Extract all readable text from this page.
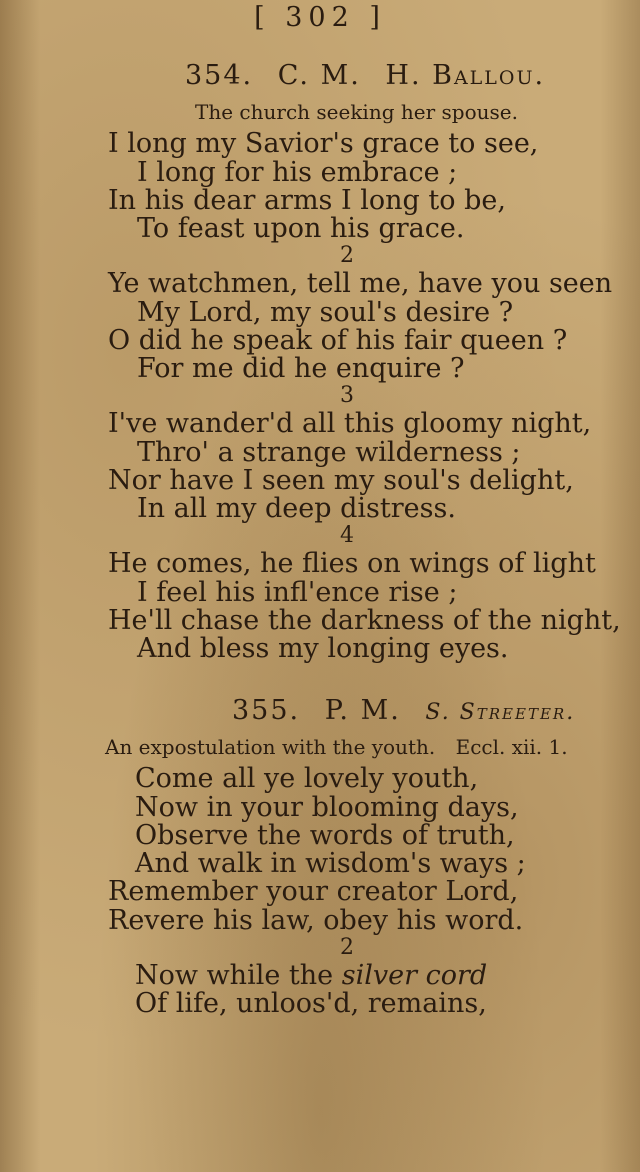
[ 302 ]
354. C. M. H. Ballou.
The church seeking her spouse.
I long my Savior's grace to see,
I long for his embrace ;
In his dear arms I long to be,
To feast upon his grace.
2
Ye watchmen, tell me, have you seen
My Lord, my soul's desire ?
O did he speak of his fair queen ?
For me did he enquire ?
3
I've wander'd all this gloomy night,
Thro' a strange wilderness ;
Nor have I seen my soul's delight,
In all my deep distress.
4
He comes, he flies on wings of light
I feel his infl'ence rise ;
He'll chase the darkness of the night,
And bless my longing eyes.
355. P. M. S. Streeter.
An expostulation with the youth. Eccl. xii. 1.
Come all ye lovely youth,
Now in your blooming days,
Observe the words of truth,
And walk in wisdom's ways ;
Remember your creator Lord,
Revere his law, obey his word.
2
Now while the silver cord
Of life, unloos'd, remains,
